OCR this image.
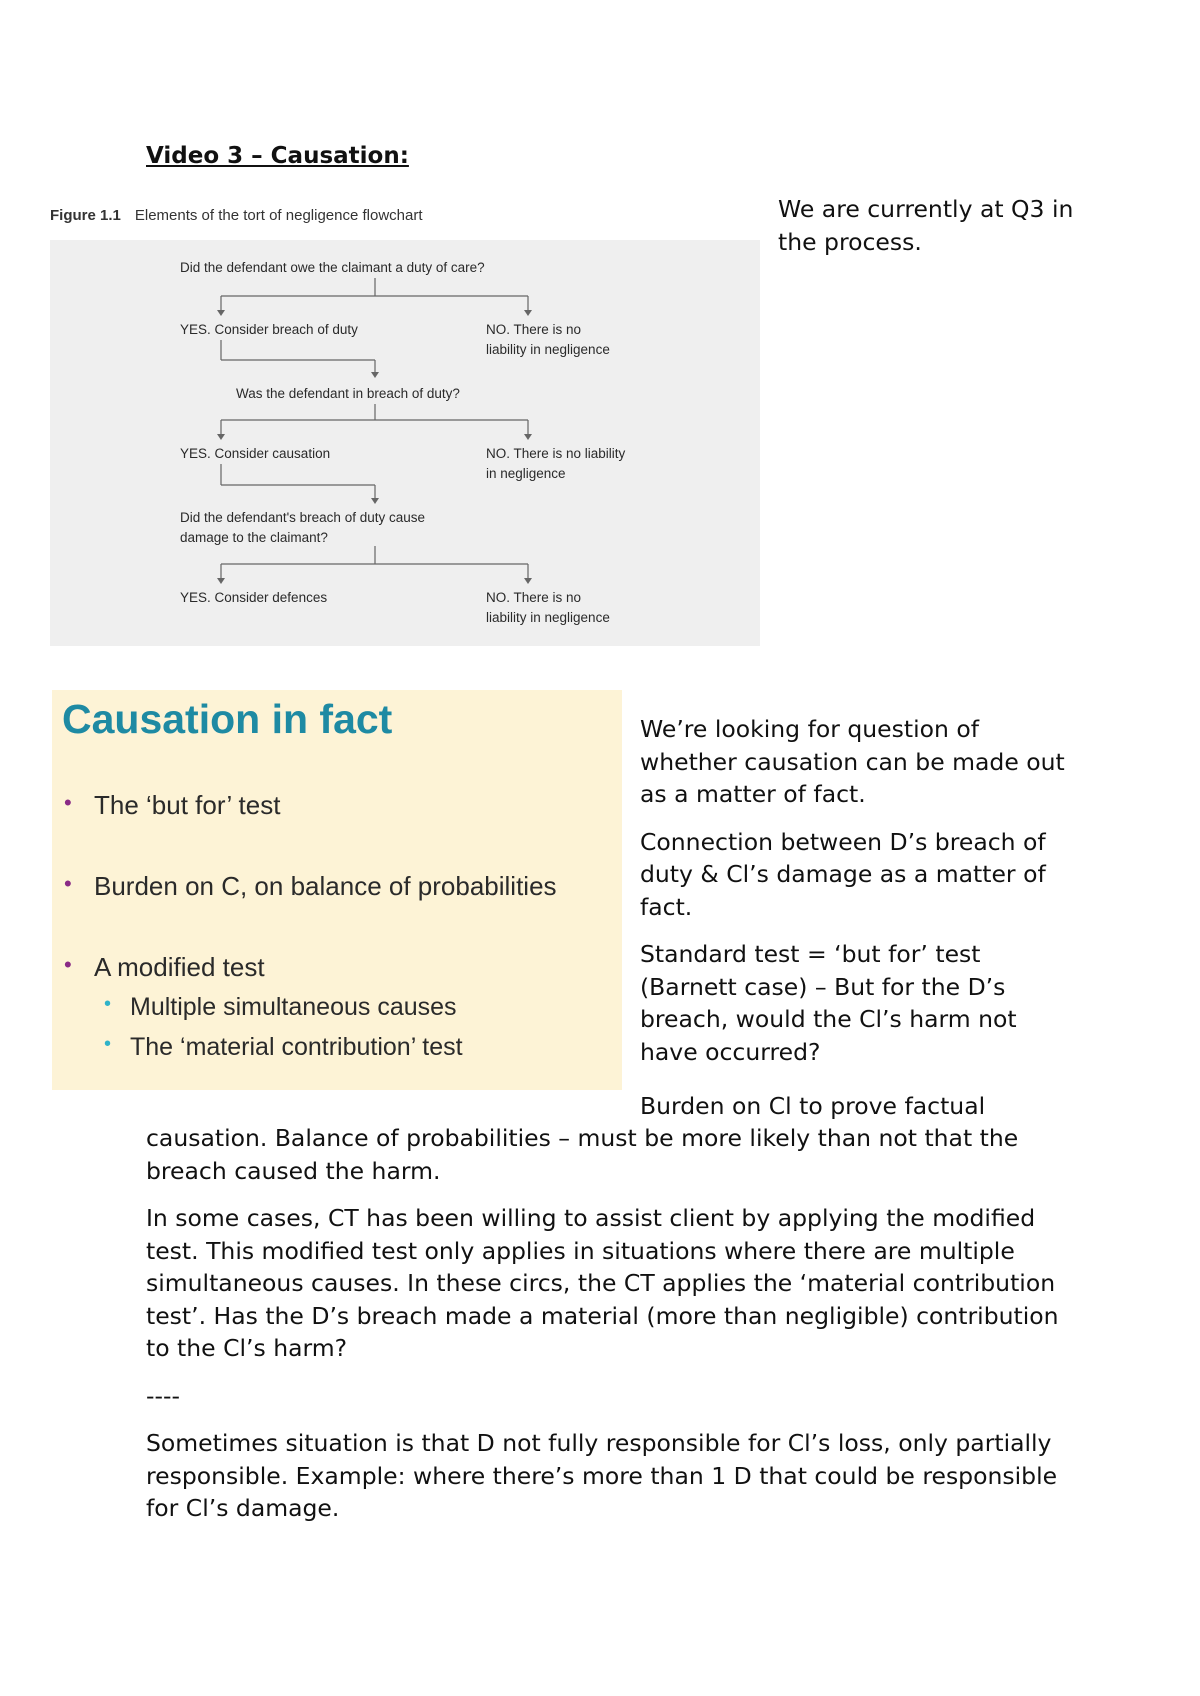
Video 3 – Causation:
Figure 1.1 Elements of the tort of negligence flowchart
Did the defendant owe the claimant a duty of care?
YES. Consider breach of duty	NO. There is no
liability in negligence
Was the defendant in breach of duty?
YES. Consider causation	NO. There is no liability
in negligence
Did the defendant's breach of duty cause
damage to the claimant?
YES. Consider defences	NO. There is no
liability in negligence
We are currently at Q3 in the process.
Causation in fact
• The ‘but for’ test
• Burden on C, on balance of probabilities
• A modified test
• Multiple simultaneous causes
• The ‘material contribution’ test

We’re looking for question of whether causation can be made out as a matter of fact.

Connection between D’s breach of duty & Cl’s damage as a matter of fact.

Standard test = ‘but for’ test (Barnett case) – But for the D’s breach, would the Cl’s harm not have occurred?

Burden on Cl to prove factual

causation. Balance of probabilities – must be more likely than not that the breach caused the harm.

In some cases, CT has been willing to assist client by applying the modified test. This modified test only applies in situations where there are multiple simultaneous causes. In these circs, the CT applies the ‘material contribution test’. Has the D’s breach made a material (more than negligible) contribution to the Cl’s harm?

----

Sometimes situation is that D not fully responsible for Cl’s loss, only partially responsible. Example: where there’s more than 1 D that could be responsible for Cl’s damage.
